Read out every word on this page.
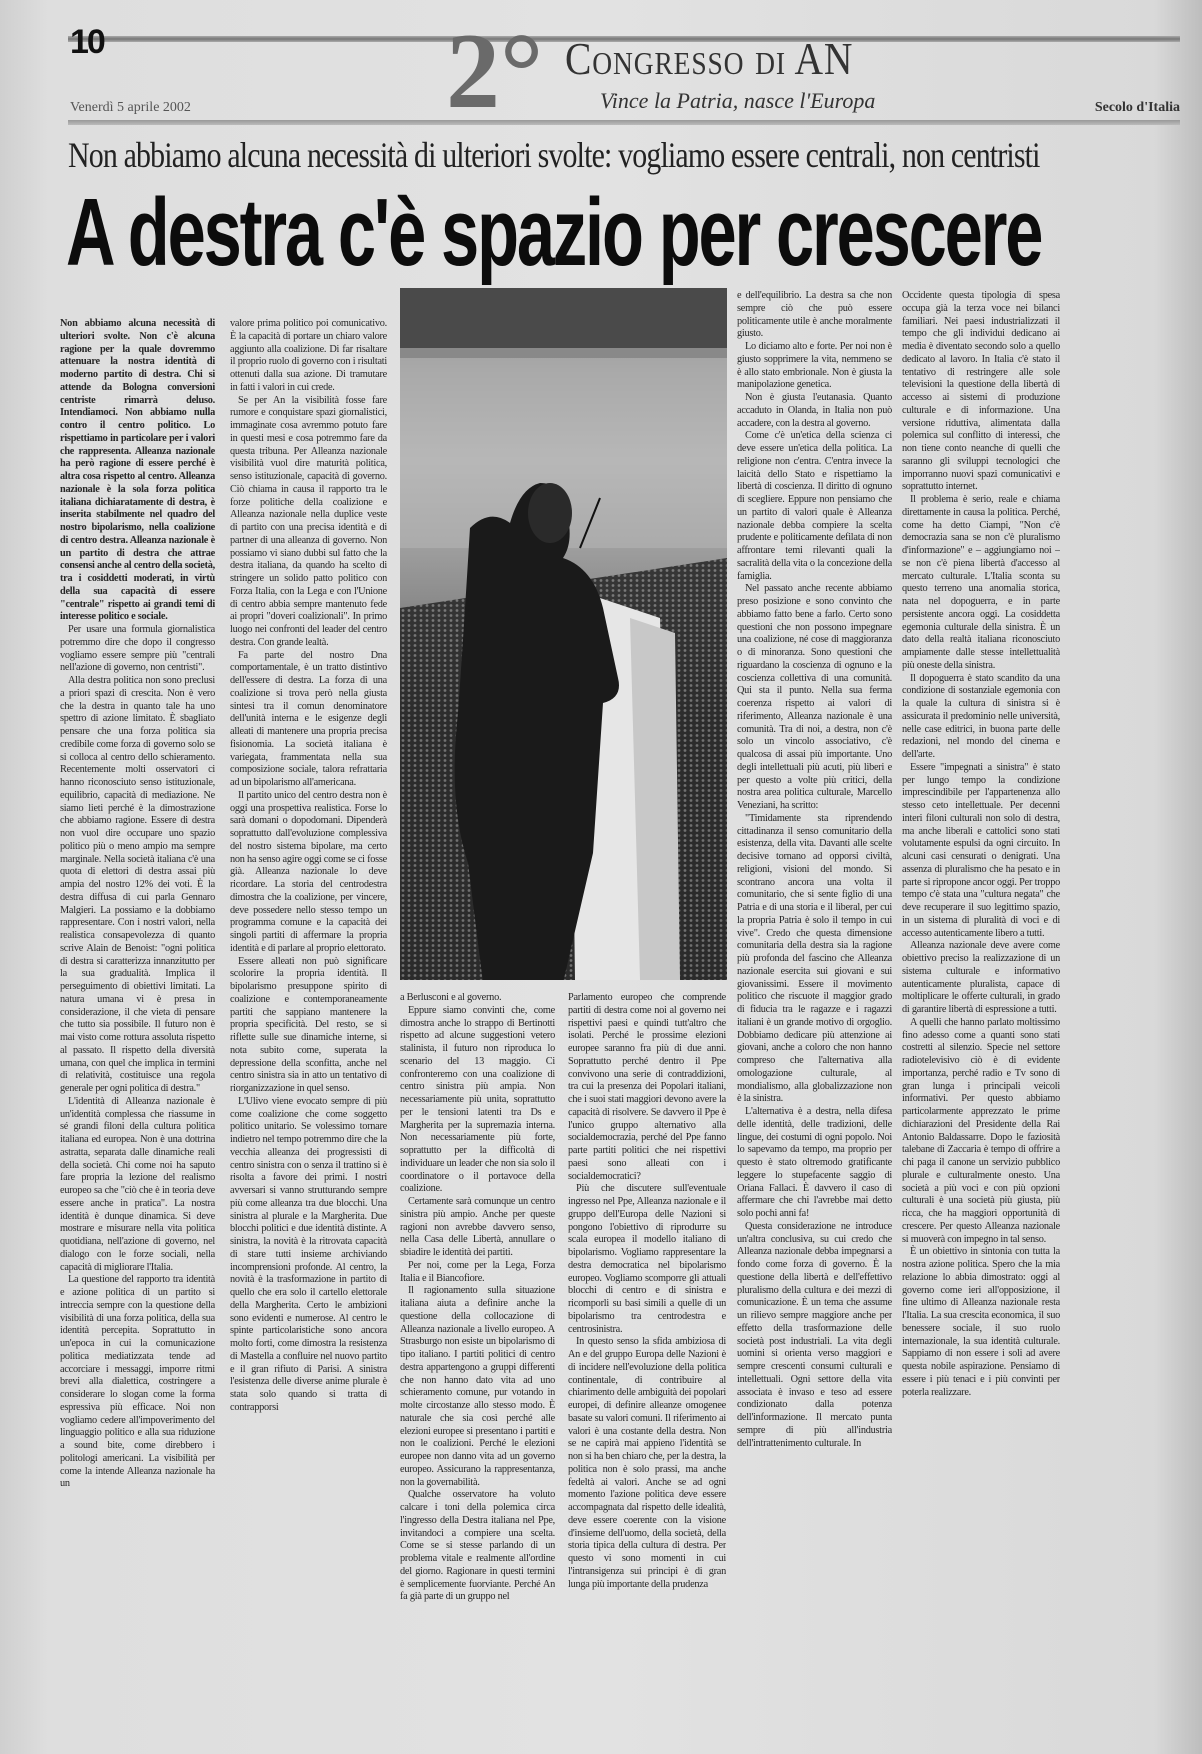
10	2° Congresso di AN
Vince la Patria, nasce l'Europa
Venerdì 5 aprile 2002	Secolo d'Italia
Non abbiamo alcuna necessità di ulteriori svolte: vogliamo essere centrali, non centristi
A destra c'è spazio per crescere

Non abbiamo alcuna necessità di ulteriori svolte. Non c'è alcuna ragione per la quale dovremmo attenuare la nostra identità di moderno partito di destra. Chi si attende da Bologna conversioni centriste rimarrà deluso. Intendiamoci. Non abbiamo nulla contro il centro politico. Lo rispettiamo in particolare per i valori che rappresenta. Alleanza nazionale ha però ragione di essere perché è altra cosa rispetto al centro. Alleanza nazionale è la sola forza politica italiana dichiaratamente di destra, è inserita stabilmente nel quadro del nostro bipolarismo, nella coalizione di centro destra. Alleanza nazionale è un partito di destra che attrae consensi anche al centro della società, tra i cosiddetti moderati, in virtù della sua capacità di essere "centrale" rispetto ai grandi temi di interesse politico e sociale.

Per usare una formula giornalistica potremmo dire che dopo il congresso vogliamo essere sempre più "centrali nell'azione di governo, non centristi".

Alla destra politica non sono preclusi a priori spazi di crescita. Non è vero che la destra in quanto tale ha uno spettro di azione limitato. È sbagliato pensare che una forza politica sia credibile come forza di governo solo se si colloca al centro dello schieramento. Recentemente molti osservatori ci hanno riconosciuto senso istituzionale, equilibrio, capacità di mediazione. Ne siamo lieti perché è la dimostrazione che abbiamo ragione. Essere di destra non vuol dire occupare uno spazio politico più o meno ampio ma sempre marginale. Nella società italiana c'è una quota di elettori di destra assai più ampia del nostro 12% dei voti. È la destra diffusa di cui parla Gennaro Malgieri. La possiamo e la dobbiamo rappresentare. Con i nostri valori, nella realistica consapevolezza di quanto scrive Alain de Benoist: "ogni politica di destra si caratterizza innanzitutto per la sua gradualità. Implica il perseguimento di obiettivi limitati. La natura umana vi è presa in considerazione, il che vieta di pensare che tutto sia possibile. Il futuro non è mai visto come rottura assoluta rispetto al passato. Il rispetto della diversità umana, con quel che implica in termini di relatività, costituisce una regola generale per ogni politica di destra."

L'identità di Alleanza nazionale è un'identità complessa che riassume in sé grandi filoni della cultura politica italiana ed europea. Non è una dottrina astratta, separata dalle dinamiche reali della società. Chi come noi ha saputo fare propria la lezione del realismo europeo sa che "ciò che è in teoria deve essere anche in pratica". La nostra identità è dunque dinamica. Si deve mostrare e misurare nella vita politica quotidiana, nell'azione di governo, nel dialogo con le forze sociali, nella capacità di migliorare l'Italia.

La questione del rapporto tra identità e azione politica di un partito si intreccia sempre con la questione della visibilità di una forza politica, della sua identità percepita. Soprattutto in un'epoca in cui la comunicazione politica mediatizzata tende ad accorciare i messaggi, imporre ritmi brevi alla dialettica, costringere a considerare lo slogan come la forma espressiva più efficace. Noi non vogliamo cedere all'impoverimento del linguaggio politico e alla sua riduzione a sound bite, come direbbero i politologi americani. La visibilità per come la intende Alleanza nazionale ha un

valore prima politico poi comunicativo. È la capacità di portare un chiaro valore aggiunto alla coalizione. Di far risaltare il proprio ruolo di governo con i risultati ottenuti dalla sua azione. Di tramutare in fatti i valori in cui crede.

Se per An la visibilità fosse fare rumore e conquistare spazi giornalistici, immaginate cosa avremmo potuto fare in questi mesi e cosa potremmo fare da questa tribuna. Per Alleanza nazionale visibilità vuol dire maturità politica, senso istituzionale, capacità di governo. Ciò chiama in causa il rapporto tra le forze politiche della coalizione e Alleanza nazionale nella duplice veste di partito con una precisa identità e di partner di una alleanza di governo. Non possiamo vi siano dubbi sul fatto che la destra italiana, da quando ha scelto di stringere un solido patto politico con Forza Italia, con la Lega e con l'Unione di centro abbia sempre mantenuto fede ai propri "doveri coalizionali". In primo luogo nei confronti del leader del centro destra. Con grande lealtà.

Fa parte del nostro Dna comportamentale, è un tratto distintivo dell'essere di destra. La forza di una coalizione si trova però nella giusta sintesi tra il comun denominatore dell'unità interna e le esigenze degli alleati di mantenere una propria precisa fisionomia. La società italiana è variegata, frammentata nella sua composizione sociale, talora refrattaria ad un bipolarismo all'americana.

Il partito unico del centro destra non è oggi una prospettiva realistica. Forse lo sarà domani o dopodomani. Dipenderà soprattutto dall'evoluzione complessiva del nostro sistema bipolare, ma certo non ha senso agire oggi come se ci fosse già. Alleanza nazionale lo deve ricordare. La storia del centrodestra dimostra che la coalizione, per vincere, deve possedere nello stesso tempo un programma comune e la capacità dei singoli partiti di affermare la propria identità e di parlare al proprio elettorato.

Essere alleati non può significare scolorire la propria identità. Il bipolarismo presuppone spirito di coalizione e contemporaneamente partiti che sappiano mantenere la propria specificità. Del resto, se si riflette sulle sue dinamiche interne, si nota subito come, superata la depressione della sconfitta, anche nel centro sinistra sia in atto un tentativo di riorganizzazione in quel senso.

L'Ulivo viene evocato sempre di più come coalizione che come soggetto politico unitario. Se volessimo tornare indietro nel tempo potremmo dire che la vecchia alleanza dei progressisti di centro sinistra con o senza il trattino si è risolta a favore dei primi. I nostri avversari si vanno strutturando sempre più come alleanza tra due blocchi. Una sinistra al plurale e la Margherita. Due blocchi politici e due identità distinte. A sinistra, la novità è la ritrovata capacità di stare tutti insieme archiviando incomprensioni profonde. Al centro, la novità è la trasformazione in partito di quello che era solo il cartello elettorale della Margherita. Certo le ambizioni sono evidenti e numerose. Al centro le spinte particolaristiche sono ancora molto forti, come dimostra la resistenza di Mastella a confluire nel nuovo partito e il gran rifiuto di Parisi. A sinistra l'esistenza delle diverse anime plurale è stata solo quando si tratta di contrapporsi

a Berlusconi e al governo.

Eppure siamo convinti che, come dimostra anche lo strappo di Bertinotti rispetto ad alcune suggestioni vetero stalinista, il futuro non riproduca lo scenario del 13 maggio. Ci confronteremo con una coalizione di centro sinistra più ampia. Non necessariamente più unita, soprattutto per le tensioni latenti tra Ds e Margherita per la supremazia interna. Non necessariamente più forte, soprattutto per la difficoltà di individuare un leader che non sia solo il coordinatore o il portavoce della coalizione.

Certamente sarà comunque un centro sinistra più ampio. Anche per queste ragioni non avrebbe davvero senso, nella Casa delle Libertà, annullare o sbiadire le identità dei partiti.

Per noi, come per la Lega, Forza Italia e il Biancofiore.

Il ragionamento sulla situazione italiana aiuta a definire anche la questione della collocazione di Alleanza nazionale a livello europeo. A Strasburgo non esiste un bipolarismo di tipo italiano. I partiti politici di centro destra appartengono a gruppi differenti che non hanno dato vita ad uno schieramento comune, pur votando in molte circostanze allo stesso modo. È naturale che sia così perché alle elezioni europee si presentano i partiti e non le coalizioni. Perché le elezioni europee non danno vita ad un governo europeo. Assicurano la rappresentanza, non la governabilità.

Qualche osservatore ha voluto calcare i toni della polemica circa l'ingresso della Destra italiana nel Ppe, invitandoci a compiere una scelta. Come se si stesse parlando di un problema vitale e realmente all'ordine del giorno. Ragionare in questi termini è semplicemente fuorviante. Perché An fa già parte di un gruppo nel

Parlamento europeo che comprende partiti di destra come noi al governo nei rispettivi paesi e quindi tutt'altro che isolati. Perché le prossime elezioni europee saranno fra più di due anni. Soprattutto perché dentro il Ppe convivono una serie di contraddizioni, tra cui la presenza dei Popolari italiani, che i suoi stati maggiori devono avere la capacità di risolvere. Se davvero il Ppe è l'unico gruppo alternativo alla socialdemocrazia, perché del Ppe fanno parte partiti politici che nei rispettivi paesi sono alleati con i socialdemocratici?

Più che discutere sull'eventuale ingresso nel Ppe, Alleanza nazionale e il gruppo dell'Europa delle Nazioni si pongono l'obiettivo di riprodurre su scala europea il modello italiano di bipolarismo. Vogliamo rappresentare la destra democratica nel bipolarismo europeo. Vogliamo scomporre gli attuali blocchi di centro e di sinistra e ricomporli su basi simili a quelle di un bipolarismo tra centrodestra e centrosinistra.

In questo senso la sfida ambiziosa di An e del gruppo Europa delle Nazioni è di incidere nell'evoluzione della politica continentale, di contribuire al chiarimento delle ambiguità dei popolari europei, di definire alleanze omogenee basate su valori comuni. Il riferimento ai valori è una costante della destra. Non se ne capirà mai appieno l'identità se non si ha ben chiaro che, per la destra, la politica non è solo prassi, ma anche fedeltà ai valori. Anche se ad ogni momento l'azione politica deve essere accompagnata dal rispetto delle idealità, deve essere coerente con la visione d'insieme dell'uomo, della società, della storia tipica della cultura di destra. Per questo vi sono momenti in cui l'intransigenza sui principi è di gran lunga più importante della prudenza

e dell'equilibrio. La destra sa che non sempre ciò che può essere politicamente utile è anche moralmente giusto.

Lo diciamo alto e forte. Per noi non è giusto sopprimere la vita, nemmeno se è allo stato embrionale. Non è giusta la manipolazione genetica.

Non è giusta l'eutanasia. Quanto accaduto in Olanda, in Italia non può accadere, con la destra al governo.

Come c'è un'etica della scienza ci deve essere un'etica della politica. La religione non c'entra. C'entra invece la laicità dello Stato e rispettiamo la libertà di coscienza. Il diritto di ognuno di scegliere. Eppure non pensiamo che un partito di valori quale è Alleanza nazionale debba compiere la scelta prudente e politicamente defilata di non affrontare temi rilevanti quali la sacralità della vita o la concezione della famiglia.

Nel passato anche recente abbiamo preso posizione e sono convinto che abbiamo fatto bene a farlo. Certo sono questioni che non possono impegnare una coalizione, né cose di maggioranza o di minoranza. Sono questioni che riguardano la coscienza di ognuno e la coscienza collettiva di una comunità. Qui sta il punto. Nella sua ferma coerenza rispetto ai valori di riferimento, Alleanza nazionale è una comunità. Tra di noi, a destra, non c'è solo un vincolo associativo, c'è qualcosa di assai più importante. Uno degli intellettuali più acuti, più liberi e per questo a volte più critici, della nostra area politica culturale, Marcello Veneziani, ha scritto:

"Timidamente sta riprendendo cittadinanza il senso comunitario della esistenza, della vita. Davanti alle scelte decisive tornano ad opporsi civiltà, religioni, visioni del mondo. Si scontrano ancora una volta il comunitario, che si sente figlio di una Patria e di una storia e il liberal, per cui la propria Patria è solo il tempo in cui vive". Credo che questa dimensione comunitaria della destra sia la ragione più profonda del fascino che Alleanza nazionale esercita sui giovani e sui giovanissimi. Essere il movimento politico che riscuote il maggior grado di fiducia tra le ragazze e i ragazzi italiani è un grande motivo di orgoglio. Dobbiamo dedicare più attenzione ai giovani, anche a coloro che non hanno compreso che l'alternativa alla omologazione culturale, al mondialismo, alla globalizzazione non è la sinistra.

L'alternativa è a destra, nella difesa delle identità, delle tradizioni, delle lingue, dei costumi di ogni popolo. Noi lo sapevamo da tempo, ma proprio per questo è stato oltremodo gratificante leggere lo stupefacente saggio di Oriana Fallaci. È davvero il caso di affermare che chi l'avrebbe mai detto solo pochi anni fa!

Questa considerazione ne introduce un'altra conclusiva, su cui credo che Alleanza nazionale debba impegnarsi a fondo come forza di governo. È la questione della libertà e dell'effettivo pluralismo della cultura e dei mezzi di comunicazione. È un tema che assume un rilievo sempre maggiore anche per effetto della trasformazione delle società post industriali. La vita degli uomini si orienta verso maggiori e sempre crescenti consumi culturali e intellettuali. Ogni settore della vita associata è invaso e teso ad essere condizionato dalla potenza dell'informazione. Il mercato punta sempre di più all'industria dell'intrattenimento culturale. In

Occidente questa tipologia di spesa occupa già la terza voce nei bilanci familiari. Nei paesi industrializzati il tempo che gli individui dedicano ai media è diventato secondo solo a quello dedicato al lavoro. In Italia c'è stato il tentativo di restringere alle sole televisioni la questione della libertà di accesso ai sistemi di produzione culturale e di informazione. Una versione riduttiva, alimentata dalla polemica sul conflitto di interessi, che non tiene conto neanche di quelli che saranno gli sviluppi tecnologici che imporranno nuovi spazi comunicativi e soprattutto internet.

Il problema è serio, reale e chiama direttamente in causa la politica. Perché, come ha detto Ciampi, "Non c'è democrazia sana se non c'è pluralismo d'informazione" e – aggiungiamo noi – se non c'è piena libertà d'accesso al mercato culturale. L'Italia sconta su questo terreno una anomalia storica, nata nel dopoguerra, e in parte persistente ancora oggi. La cosiddetta egemonia culturale della sinistra. È un dato della realtà italiana riconosciuto ampiamente dalle stesse intellettualità più oneste della sinistra.

Il dopoguerra è stato scandito da una condizione di sostanziale egemonia con la quale la cultura di sinistra si è assicurata il predominio nelle università, nelle case editrici, in buona parte delle redazioni, nel mondo del cinema e dell'arte.

Essere "impegnati a sinistra" è stato per lungo tempo la condizione imprescindibile per l'appartenenza allo stesso ceto intellettuale. Per decenni interi filoni culturali non solo di destra, ma anche liberali e cattolici sono stati volutamente espulsi da ogni circuito. In alcuni casi censurati o denigrati. Una assenza di pluralismo che ha pesato e in parte si ripropone ancor oggi. Per troppo tempo c'è stata una "cultura negata" che deve recuperare il suo legittimo spazio, in un sistema di pluralità di voci e di accesso autenticamente libero a tutti.

Alleanza nazionale deve avere come obiettivo preciso la realizzazione di un sistema culturale e informativo autenticamente pluralista, capace di moltiplicare le offerte culturali, in grado di garantire libertà di espressione a tutti.

A quelli che hanno parlato moltissimo fino adesso come a quanti sono stati costretti al silenzio. Specie nel settore radiotelevisivo ciò è di evidente importanza, perché radio e Tv sono di gran lunga i principali veicoli informativi. Per questo abbiamo particolarmente apprezzato le prime dichiarazioni del Presidente della Rai Antonio Baldassarre. Dopo le faziosità talebane di Zaccaria è tempo di offrire a chi paga il canone un servizio pubblico plurale e culturalmente onesto. Una società a più voci e con più opzioni culturali è una società più giusta, più ricca, che ha maggiori opportunità di crescere. Per questo Alleanza nazionale si muoverà con impegno in tal senso.

È un obiettivo in sintonia con tutta la nostra azione politica. Spero che la mia relazione lo abbia dimostrato: oggi al governo come ieri all'opposizione, il fine ultimo di Alleanza nazionale resta l'Italia. La sua crescita economica, il suo benessere sociale, il suo ruolo internazionale, la sua identità culturale. Sappiamo di non essere i soli ad avere questa nobile aspirazione. Pensiamo di essere i più tenaci e i più convinti per poterla realizzare.
